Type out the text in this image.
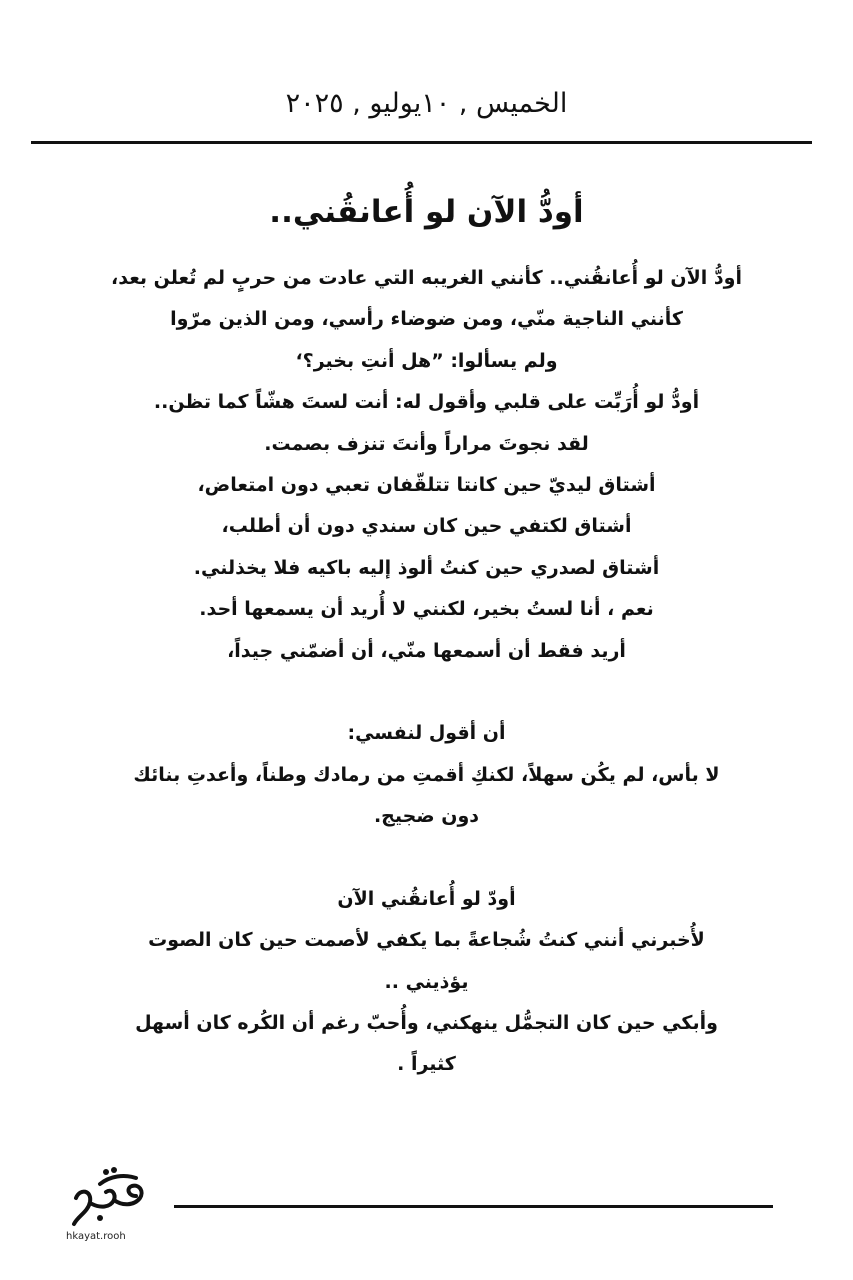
الخميس , ١٠يوليو , ٢٠٢٥
أودُّ الآن لو أُعانقُني..
أودُّ الآن لو أُعانقُني.. كأنني الغريبه التي عادت من حربٍ لم تُعلن بعد،
كأنني الناجية منّي، ومن ضوضاء رأسي، ومن الذين مرّوا
ولم يسألوا: ”هل أنتِ بخير؟‘
أودُّ لو أُرَبِّت على قلبي وأقول له: أنت لستَ هشّاً كما تظن..
لقد نجوتَ مراراً وأنتَ تنزف بصمت.
أشتاق ليديّ حين كانتا تتلقّفان تعبي دون امتعاض،
أشتاق لكتفي حين كان سندي دون أن أطلب،
أشتاق لصدري حين كنتُ ألوذ إليه باكيه فلا يخذلني.
نعم ، أنا لستُ بخير، لكنني لا أُريد أن يسمعها أحد.
أريد فقط أن أسمعها منّي، أن أضمّني جيداً،
أن أقول لنفسي:
لا بأس، لم يكُن سهلاً، لكنكِ أقمتِ من رمادك وطناً، وأعدتِ بنائك
دون ضجيج.
أودّ لو أُعانقُني الآن
لأُخبرني أنني كنتُ شُجاعةً بما يكفي لأصمت حين كان الصوت
يؤذيني ..
وأبكي حين كان التجمُّل ينهكني، وأُحبّ رغم أن الكُره كان أسهل
كثيراً .
hkayat.rooh
